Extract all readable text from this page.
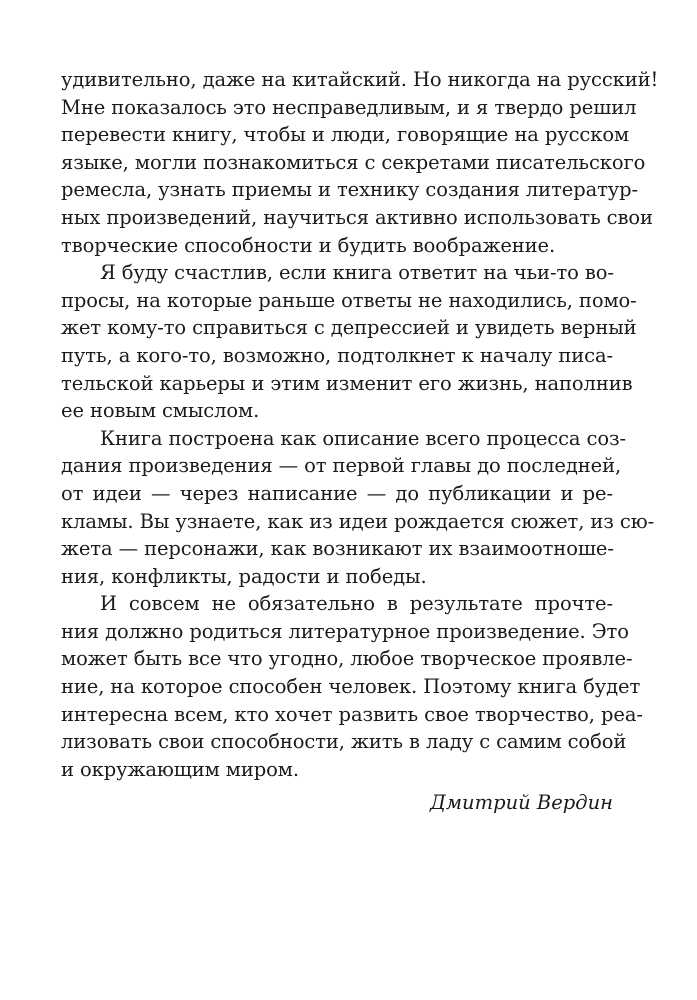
удивительно, даже на китайский. Но никогда на русский!
Мне показалось это несправедливым, и я твердо решил
перевести книгу, чтобы и люди, говорящие на русском
языке, могли познакомиться с секретами писательского
ремесла, узнать приемы и технику создания литератур-
ных произведений, научиться активно использовать свои
творческие способности и будить воображение.
Я буду счастлив, если книга ответит на чьи-то во-
просы, на которые раньше ответы не находились, помо-
жет кому-то справиться с депрессией и увидеть верный
путь, а кого-то, возможно, подтолкнет к началу писа-
тельской карьеры и этим изменит его жизнь, наполнив
ее новым смыслом.
Книга построена как описание всего процесса соз-
дания произведения — от первой главы до последней,
от идеи — через написание — до публикации и ре-
кламы. Вы узнаете, как из идеи рождается сюжет, из сю-
жета — персонажи, как возникают их взаимоотноше-
ния, конфликты, радости и победы.
И совсем не обязательно в результате прочте-
ния должно родиться литературное произведение. Это
может быть все что угодно, любое творческое проявле-
ние, на которое способен человек. Поэтому книга будет
интересна всем, кто хочет развить свое творчество, реа-
лизовать свои способности, жить в ладу с самим собой
и окружающим миром.
Дмитрий Вердин
